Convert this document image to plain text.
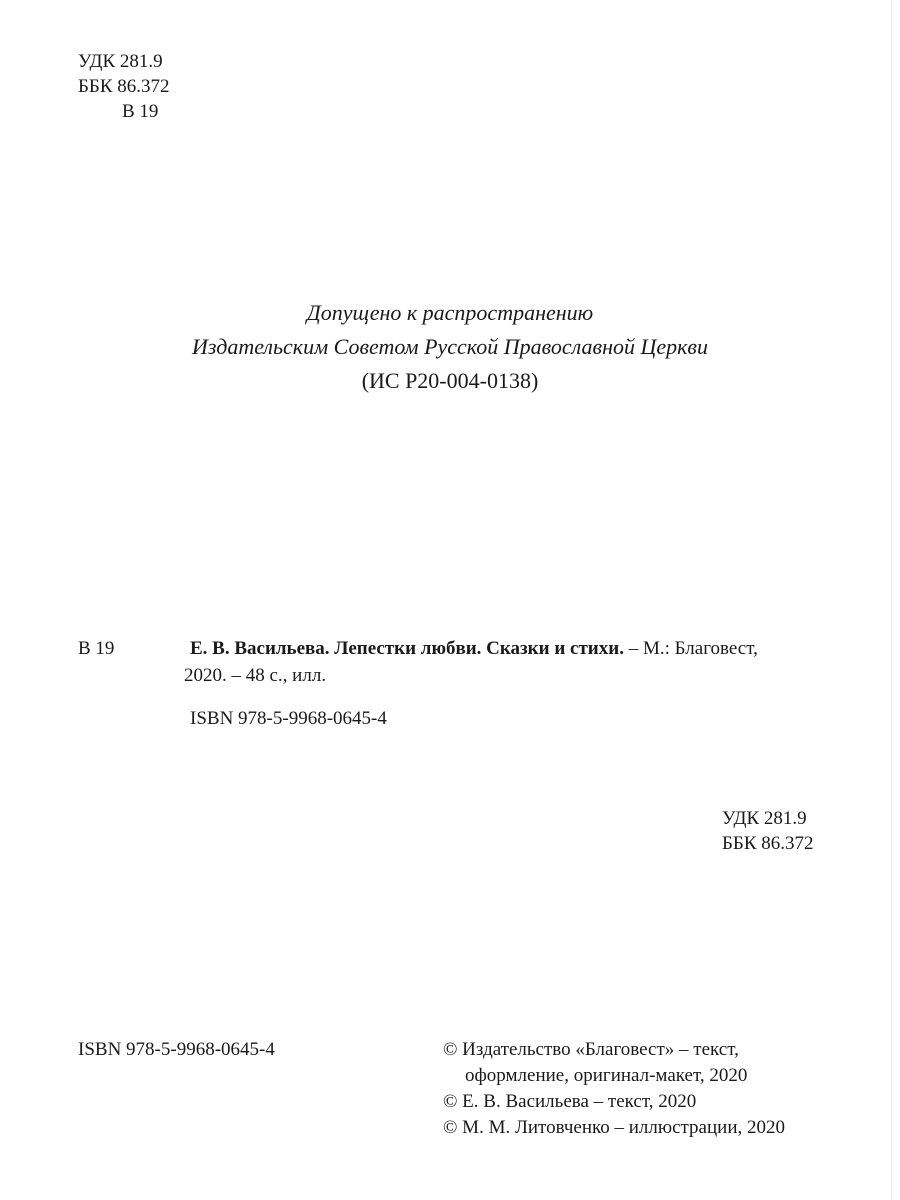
УДК 281.9
ББК 86.372
В 19
Допущено к распространению
Издательским Советом Русской Православной Церкви
(ИС Р20-004-0138)
В 19	Е. В. Васильева. Лепестки любви. Сказки и стихи. – М.: Благовест,
2020. – 48 с., илл.
ISBN 978-5-9968-0645-4
УДК 281.9
ББК 86.372
ISBN 978-5-9968-0645-4	© Издательство «Благовест» – текст,
оформление, оригинал-макет, 2020
© Е. В. Васильева – текст, 2020
© М. М. Литовченко – иллюстрации, 2020
